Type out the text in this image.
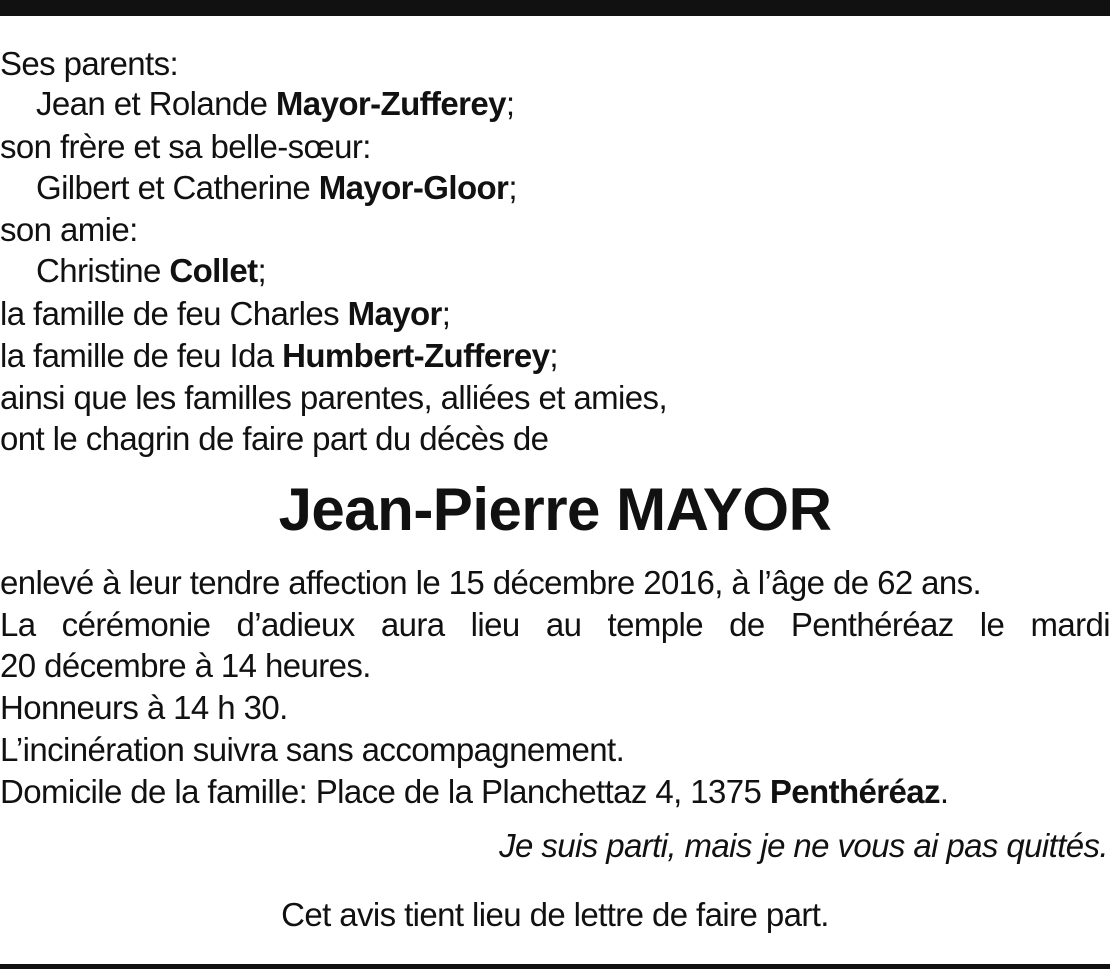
Ses parents:
Jean et Rolande Mayor-Zufferey;
son frère et sa belle-sœur:
Gilbert et Catherine Mayor-Gloor;
son amie:
Christine Collet;
la famille de feu Charles Mayor;
la famille de feu Ida Humbert-Zufferey;
ainsi que les familles parentes, alliées et amies,
ont le chagrin de faire part du décès de
Jean-Pierre MAYOR
enlevé à leur tendre affection le 15 décembre 2016, à l’âge de 62 ans.
La cérémonie d’adieux aura lieu au temple de Penthéréaz le mardi
20 décembre à 14 heures.
Honneurs à 14 h 30.
L’incinération suivra sans accompagnement.
Domicile de la famille: Place de la Planchettaz 4, 1375 Penthéréaz.
Je suis parti, mais je ne vous ai pas quittés.
Cet avis tient lieu de lettre de faire part.
